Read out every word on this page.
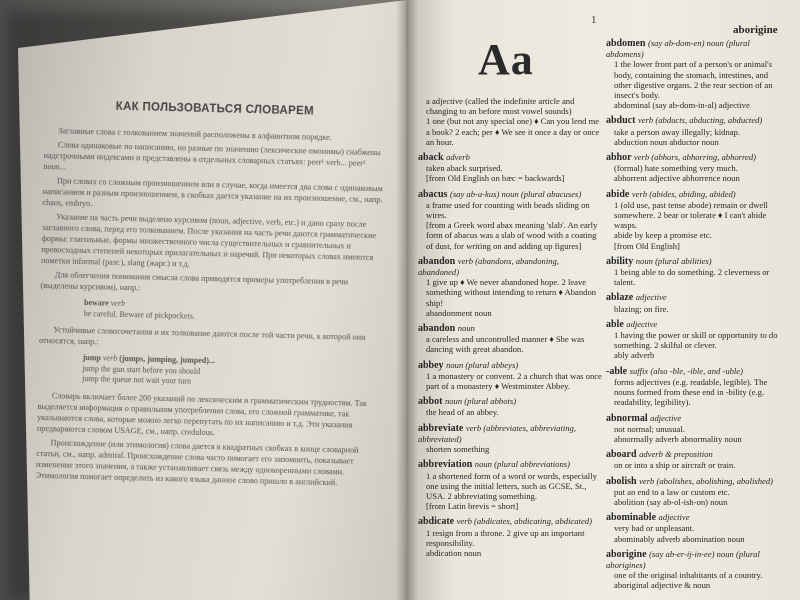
КАК ПОЛЬЗОВАТЬСЯ СЛОВАРЕМ

Заглавные слова с толкованием значений расположены в алфавитном порядке.

Слова одинаковые по написанию, но разные по значению (лексические омонимы) снабжены надстрочными индексами и представлены в отдельных словарных статьях: peer¹ verb... peer² noun...

При словах со сложным произношением или в случае, когда имеется два слова с одинаковым написанием и разным произношением, в скобках дается указание на их произношение, см., напр. chaos, embryo.

Указание на часть речи выделено курсивом (noun, adjective, verb, etc.) и дано сразу после заглавного слова, перед его толкованием. После указания на часть речи даются грамматические формы: глагольные, формы множественного числа существительных и сравнительных и превосходных степеней некоторых прилагательных и наречий. При некоторых словах имеются пометки informal (разг.), slang (жарг.) и т.д.

Для облегчения понимания смысла слова приводятся примеры употребления в речи (выделены курсивом), напр.:

beware verb
be careful. Beware of pickpockets.

Устойчивые словосочетания и их толкование даются после той части речи, к которой они относятся, напр.:

jump verb (jumps, jumping, jumped)...
jump the gun start before you should
jump the queue not wait your turn

Словарь включает более 200 указаний по лексическим и грамматическим трудностям. Так выделяется информация о правильном употреблении слова, его сложной грамматике, так указываются слова, которые можно легко перепутать по их написанию и т.д. Эти указания предваряются словом USAGE, см., напр. credulous.

Происхождение (или этимология) слова дается в квадратных скобках в конце словарной статьи, см., напр. admiral. Происхождение слова часто помогает его запомнить, показывает изменение этого значения, а также устанавливает связь между однокоренными словами. Этимология помогает определить из какого языка данное слово пришло в английский.

1
aborigine
Aa
a adjective (called the indefinite article and changing to an before most vowel sounds)
1 one (but not any special one) ♦ Can you lend me a book? 2 each; per ♦ We see it once a day or once an hour.
aback adverb
taken aback surprised.
[from Old English on bæc = backwards]
abacus (say ab-a-kus) noun (plural abacuses)
a frame used for counting with beads sliding on wires.
[from a Greek word abax meaning 'slab'. An early form of abacus was a slab of wood with a coating of dust, for writing on and adding up figures]
abandon verb (abandons, abandoning, abandoned)
1 give up ♦ We never abandoned hope. 2 leave something without intending to return ♦ Abandon ship!
abandonment noun
abandon noun
a careless and uncontrolled manner ♦ She was dancing with great abandon.
abbey noun (plural abbeys)
1 a monastery or convent. 2 a church that was once part of a monastery ♦ Westminster Abbey.
abbot noun (plural abbots)
the head of an abbey.
abbreviate verb (abbreviates, abbreviating, abbreviated)
shorten something
abbreviation noun (plural abbreviations)
1 a shortened form of a word or words, especially one using the initial letters, such as GCSE, St., USA. 2 abbreviating something.
[from Latin brevis = short]
abdicate verb (abdicates, abdicating, abdicated)
1 resign from a throne. 2 give up an important responsibility.
abdication noun
abdomen (say ab-dom-en) noun (plural abdomens)
1 the lower front part of a person's or animal's body, containing the stomach, intestines, and other digestive organs. 2 the rear section of an insect's body.
abdominal (say ab-dom-in-al) adjective
abduct verb (abducts, abducting, abducted)
take a person away illegally; kidnap.
abduction noun abductor noun
abhor verb (abhors, abhorring, abhorred)
(formal) hate something very much.
abhorrent adjective abhorrence noun
abide verb (abides, abiding, abided)
1 (old use, past tense abode) remain or dwell somewhere. 2 bear or tolerate ♦ I can't abide wasps.
abide by keep a promise etc.
[from Old English]
ability noun (plural abilities)
1 being able to do something. 2 cleverness or talent.
ablaze adjective
blazing; on fire.
able adjective
1 having the power or skill or opportunity to do something. 2 skilful or clever.
ably adverb
-able suffix (also -ble, -ible, and -uble)
forms adjectives (e.g. readable, legible). The nouns formed from these end in -bility (e.g. readability, legibility).
abnormal adjective
not normal; unusual.
abnormally adverb abnormality noun
aboard adverb & preposition
on or into a ship or aircraft or train.
abolish verb (abolishes, abolishing, abolished)
put an end to a law or custom etc.
abolition (say ab-ol-ish-on) noun
abominable adjective
very bad or unpleasant.
abominably adverb abomination noun
aborigine (say ab-er-ij-in-ee) noun (plural aborigines)
one of the original inhabitants of a country.
aboriginal adjective & noun
